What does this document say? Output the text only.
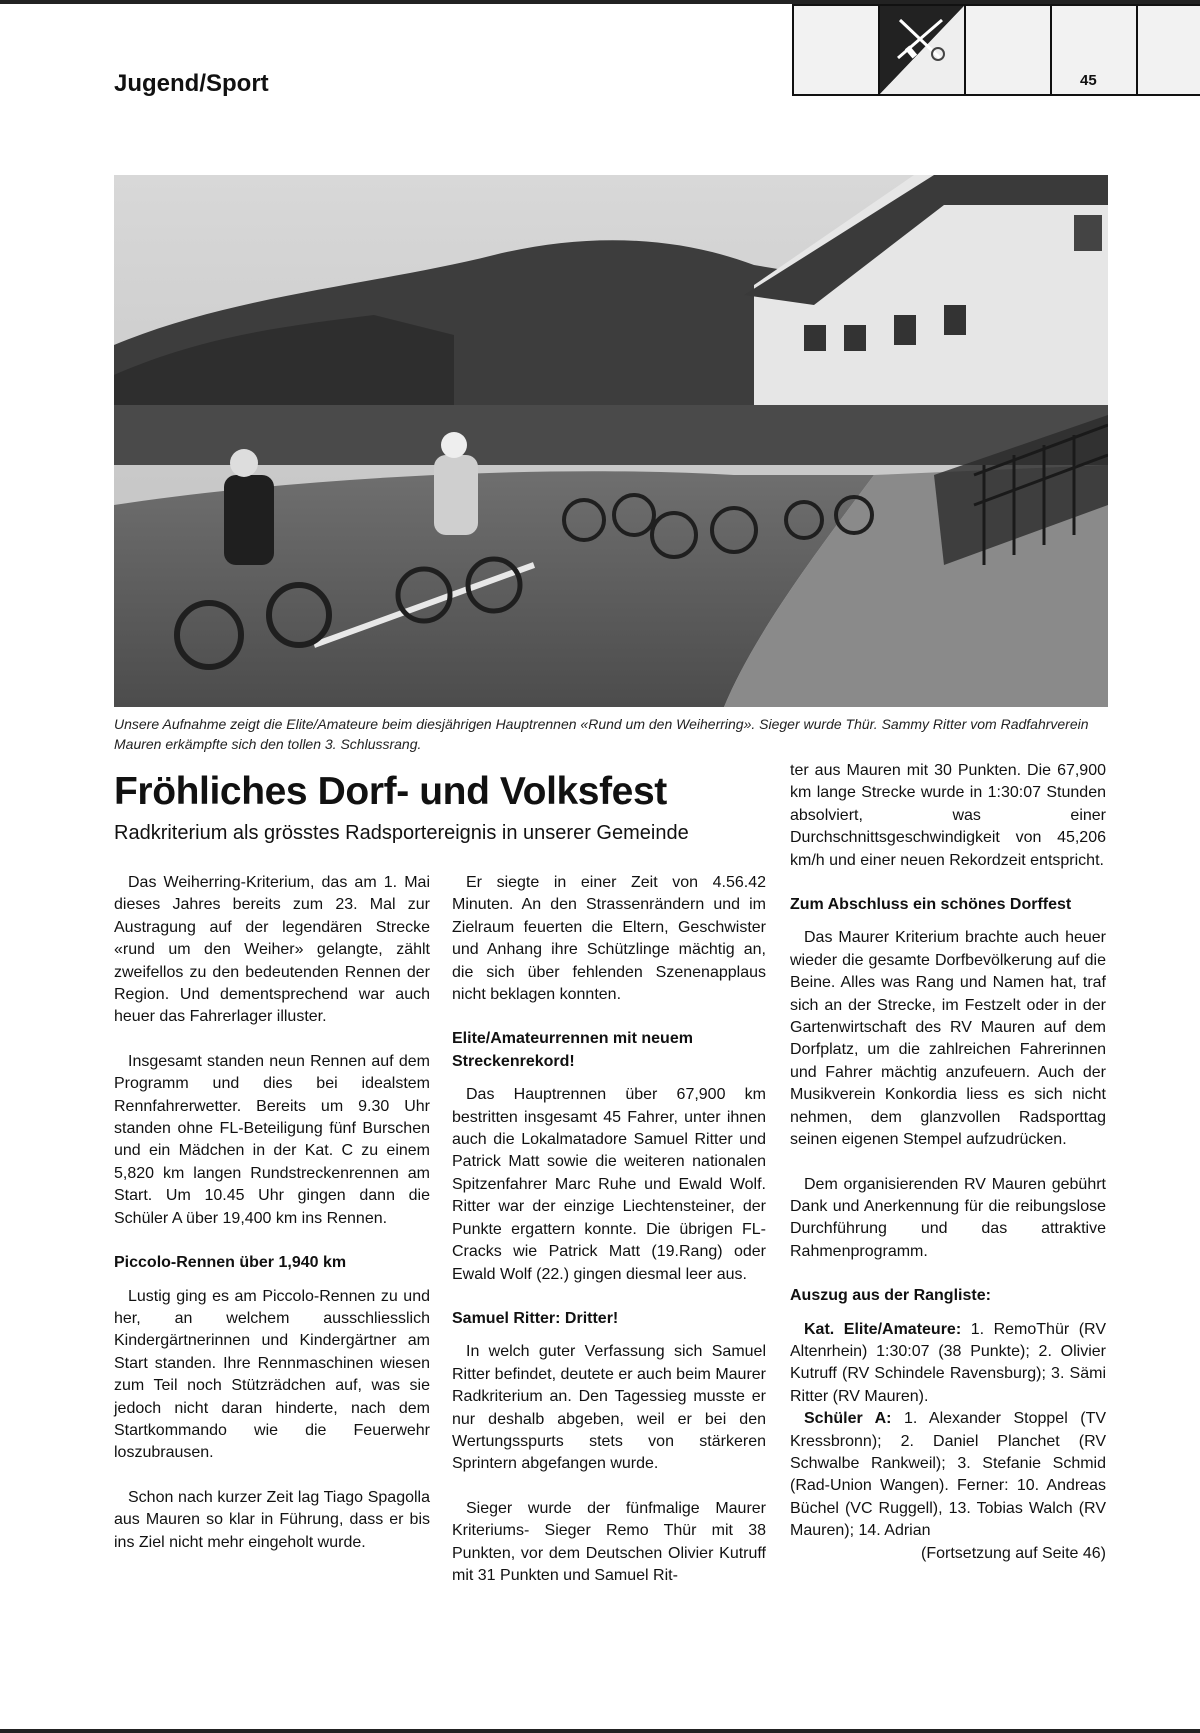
Jugend/Sport	45
Unsere Aufnahme zeigt die Elite/Amateure beim diesjährigen Hauptrennen «Rund um den Weiherring». Sieger wurde Thür. Sammy Ritter vom Radfahrverein Mauren erkämpfte sich den tollen 3. Schlussrang.
Fröhliches Dorf- und Volksfest
Radkriterium als grösstes Radsportereignis in unserer Gemeinde

Das Weiherring-Kriterium, das am 1. Mai dieses Jahres bereits zum 23. Mal zur Austragung auf der legendären Strecke «rund um den Weiher» gelangte, zählt zweifellos zu den bedeutenden Rennen der Region. Und dementsprechend war auch heuer das Fahrerlager illuster.

Insgesamt standen neun Rennen auf dem Programm und dies bei idealstem Rennfahrerwetter. Bereits um 9.30 Uhr standen ohne FL-Beteiligung fünf Burschen und ein Mädchen in der Kat. C zu einem 5,820 km langen Rundstreckenrennen am Start. Um 10.45 Uhr gingen dann die Schüler A über 19,400 km ins Rennen.

Piccolo-Rennen über 1,940 km

Lustig ging es am Piccolo-Rennen zu und her, an welchem ausschliesslich Kindergärtnerinnen und Kindergärtner am Start standen. Ihre Rennmaschinen wiesen zum Teil noch Stützrädchen auf, was sie jedoch nicht daran hinderte, nach dem Startkommando wie die Feuerwehr loszubrausen.

Schon nach kurzer Zeit lag Tiago Spagolla aus Mauren so klar in Führung, dass er bis ins Ziel nicht mehr eingeholt wurde.

Er siegte in einer Zeit von 4.56.42 Minuten. An den Strassenrändern und im Zielraum feuerten die Eltern, Geschwister und Anhang ihre Schützlinge mächtig an, die sich über fehlenden Szenenapplaus nicht beklagen konnten.

Elite/Amateurrennen mit neuem Streckenrekord!

Das Hauptrennen über 67,900 km bestritten insgesamt 45 Fahrer, unter ihnen auch die Lokalmatadore Samuel Ritter und Patrick Matt sowie die weiteren nationalen Spitzenfahrer Marc Ruhe und Ewald Wolf. Ritter war der einzige Liechtensteiner, der Punkte ergattern konnte. Die übrigen FL-Cracks wie Patrick Matt (19.Rang) oder Ewald Wolf (22.) gingen diesmal leer aus.

Samuel Ritter: Dritter!

In welch guter Verfassung sich Samuel Ritter befindet, deutete er auch beim Maurer Radkriterium an. Den Tagessieg musste er nur deshalb abgeben, weil er bei den Wertungsspurts stets von stärkeren Sprintern abgefangen wurde.

Sieger wurde der fünfmalige Maurer Kriteriums- Sieger Remo Thür mit 38 Punkten, vor dem Deutschen Olivier Kutruff mit 31 Punkten und Samuel Rit-

ter aus Mauren mit 30 Punkten. Die 67,900 km lange Strecke wurde in 1:30:07 Stunden absolviert, was einer Durchschnittsgeschwindigkeit von 45,206 km/h und einer neuen Rekordzeit entspricht.

Zum Abschluss ein schönes Dorffest

Das Maurer Kriterium brachte auch heuer wieder die gesamte Dorfbevölkerung auf die Beine. Alles was Rang und Namen hat, traf sich an der Strecke, im Festzelt oder in der Gartenwirtschaft des RV Mauren auf dem Dorfplatz, um die zahlreichen Fahrerinnen und Fahrer mächtig anzufeuern. Auch der Musikverein Konkordia liess es sich nicht nehmen, dem glanzvollen Radsporttag seinen eigenen Stempel aufzudrücken.

Dem organisierenden RV Mauren gebührt Dank und Anerkennung für die reibungslose Durchführung und das attraktive Rahmenprogramm.

Auszug aus der Rangliste:

Kat. Elite/Amateure: 1. RemoThür (RV Altenrhein) 1:30:07 (38 Punkte); 2. Olivier Kutruff (RV Schindele Ravensburg); 3. Sämi Ritter (RV Mauren).

Schüler A: 1. Alexander Stoppel (TV Kressbronn); 2. Daniel Planchet (RV Schwalbe Rankweil); 3. Stefanie Schmid (Rad-Union Wangen). Ferner: 10. Andreas Büchel (VC Ruggell), 13. Tobias Walch (RV Mauren); 14. Adrian

(Fortsetzung auf Seite 46)
